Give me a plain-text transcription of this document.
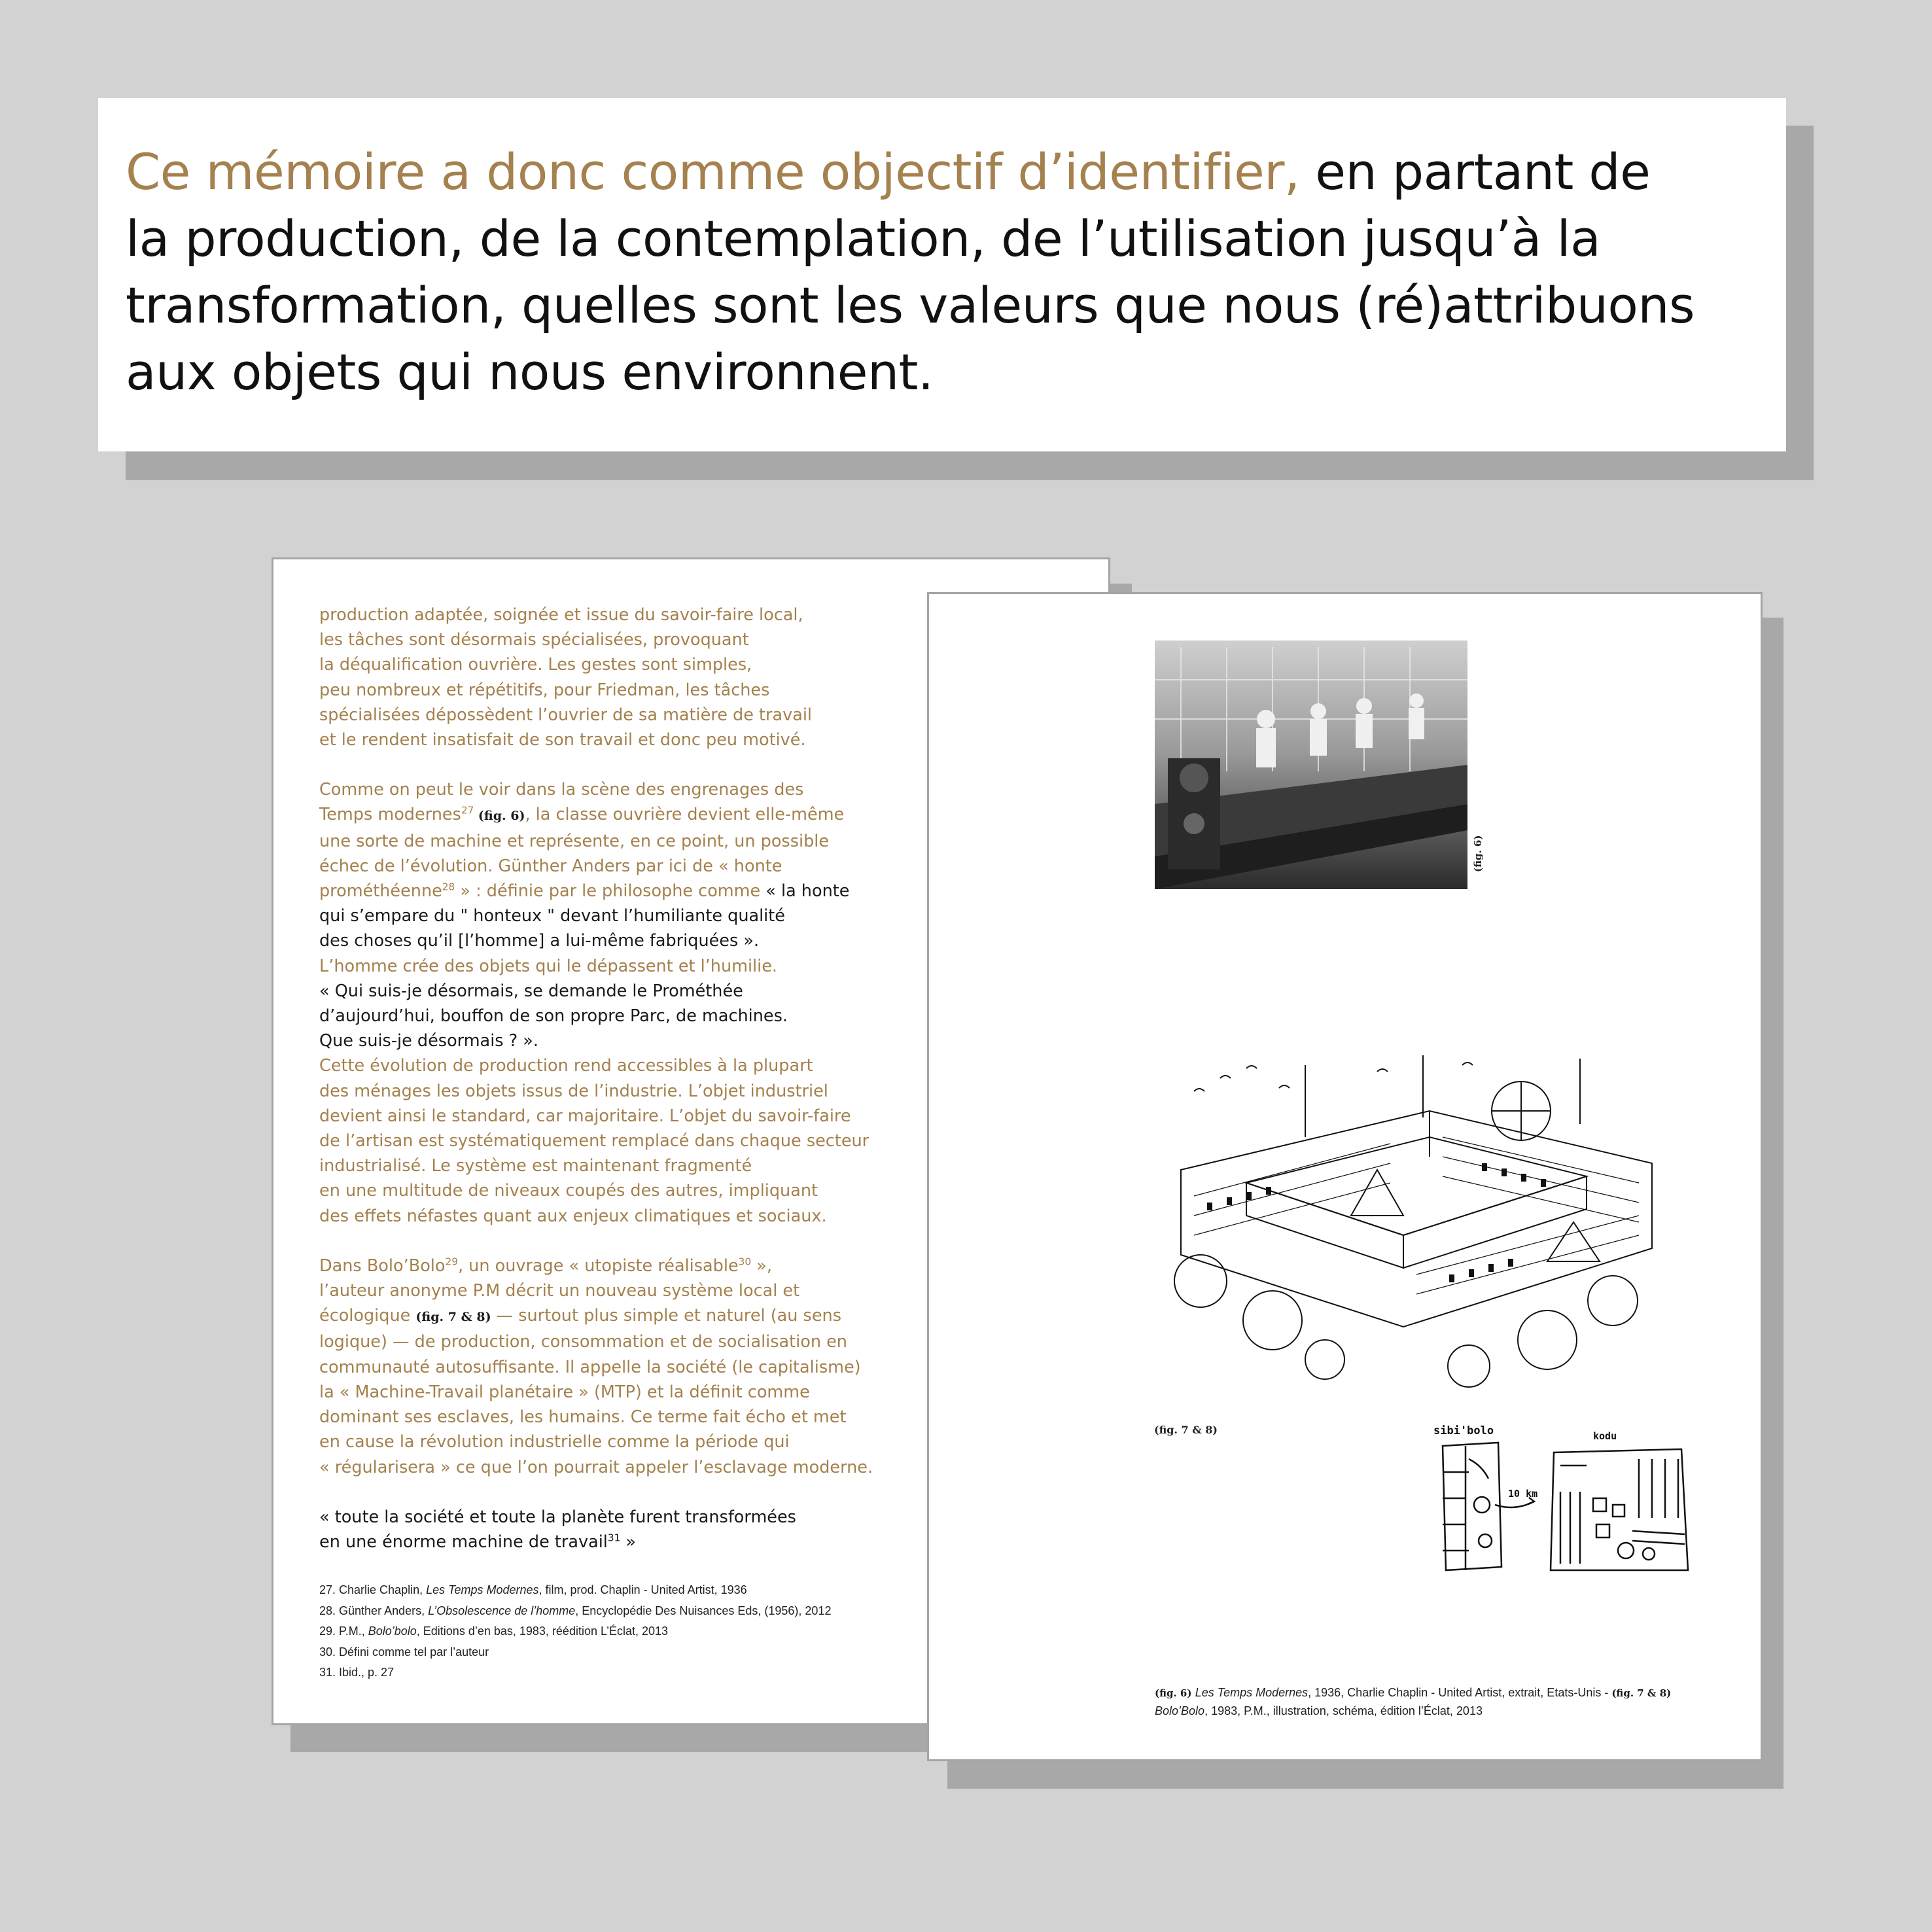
Ce mémoire a donc comme objectif d’identifier, en partant de
la production, de la contemplation, de l’utilisation jusqu’à la
transformation, quelles sont les valeurs que nous (ré)attribuons
aux objets qui nous environnent.

production adaptée, soignée et issue du savoir-faire local,
les tâches sont désormais spécialisées, provoquant
la déqualification ouvrière. Les gestes sont simples,
peu nombreux et répétitifs, pour Friedman, les tâches
spécialisées dépossèdent l’ouvrier de sa matière de travail
et le rendent insatisfait de son travail et donc peu motivé.
Comme on peut le voir dans la scène des engrenages des
Temps modernes$^{27}$ (fig. 6), la classe ouvrière devient elle-même
une sorte de machine et représente, en ce point, un possible
échec de l’évolution. Günther Anders par ici de « honte
prométhéenne$^{28}$ » : définie par le philosophe comme « la honte
qui s’empare du " honteux " devant l’humiliante qualité
des choses qu’il [l’homme] a lui-même fabriquées ».
L’homme crée des objets qui le dépassent et l’humilie.
« Qui suis-je désormais, se demande le Prométhée
d’aujourd’hui, bouffon de son propre Parc, de machines.
Que suis-je désormais ? ».
Cette évolution de production rend accessibles à la plupart
des ménages les objets issus de l’industrie. L’objet industriel
devient ainsi le standard, car majoritaire. L’objet du savoir-faire
de l’artisan est systématiquement remplacé dans chaque secteur
industrialisé. Le système est maintenant fragmenté
en une multitude de niveaux coupés des autres, impliquant
des effets néfastes quant aux enjeux climatiques et sociaux.
Dans Bolo’Bolo$^{29}$, un ouvrage « utopiste réalisable$^{30}$ »,
l’auteur anonyme P.M décrit un nouveau système local et
écologique (fig. 7 & 8) — surtout plus simple et naturel (au sens
logique) — de production, consommation et de socialisation en
communauté autosuffisante. Il appelle la société (le capitalisme)
la « Machine-Travail planétaire » (MTP) et la définit comme
dominant ses esclaves, les humains. Ce terme fait écho et met
en cause la révolution industrielle comme la période qui
« régularisera » ce que l’on pourrait appeler l’esclavage moderne.
« toute la société et toute la planète furent transformées
en une énorme machine de travail$^{31}$ »
27. Charlie Chaplin, Les Temps Modernes, film, prod. Chaplin - United Artist, 1936
28. Günther Anders, L’Obsolescence de l’homme, Encyclopédie Des Nuisances Eds, (1956), 2012
29. P.M., Bolo’bolo, Editions d’en bas, 1983, réédition L’Éclat, 2013
30. Défini comme tel par l’auteur
31. Ibid., p. 27
(fig. 6)
(fig. 7 & 8)	sibi'bolo	kodu
10 km
(fig. 6) Les Temps Modernes, 1936, Charlie Chaplin - United Artist, extrait, Etats-Unis - (fig. 7 & 8)
Bolo’Bolo, 1983, P.M., illustration, schéma, édition l’Éclat, 2013
